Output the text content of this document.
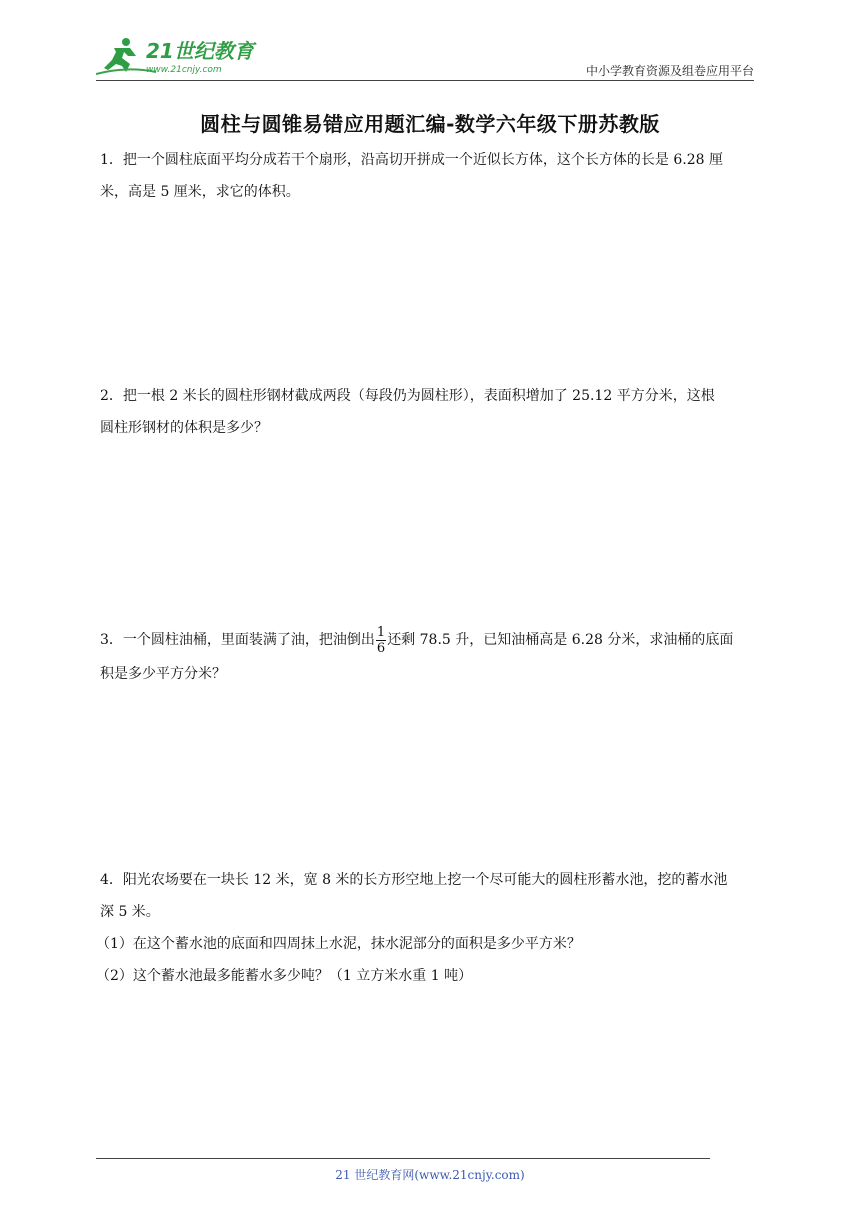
21世纪教育
www.21cnjy.com	中小学教育资源及组卷应用平台
圆柱与圆锥易错应用题汇编-数学六年级下册苏教版

1．把一个圆柱底面平均分成若干个扇形，沿高切开拼成一个近似长方体，这个长方体的长是 6.28 厘

米，高是 5 厘米，求它的体积。

2．把一根 2 米长的圆柱形钢材截成两段（每段仍为圆柱形），表面积增加了 25.12 平方分米，这根

圆柱形钢材的体积是多少？

3．一个圆柱油桶，里面装满了油，把油倒出 $\frac{1}{6}$ 还剩 78.5 升，已知油桶高是 6.28 分米，求油桶的底面

积是多少平方分米？

4．阳光农场要在一块长 12 米，宽 8 米的长方形空地上挖一个尽可能大的圆柱形蓄水池，挖的蓄水池

深 5 米。

（1）在这个蓄水池的底面和四周抹上水泥，抹水泥部分的面积是多少平方米？

（2）这个蓄水池最多能蓄水多少吨？（1 立方米水重 1 吨）

21 世纪教育网(www.21cnjy.com)
